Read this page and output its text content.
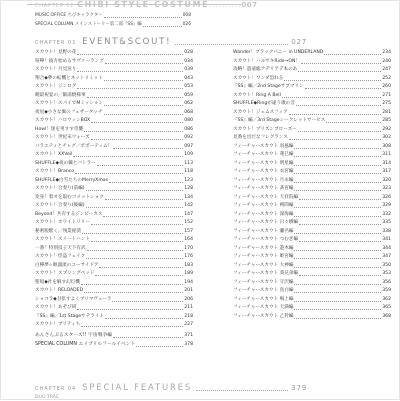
CHAPTER.02 CHIBI STYLE COSTUME..........007
MUSIC OFFICE ちびキャラクター	008
SPECIAL COLUMN メインストーリー第二部『SS』編	026
CHAPTER.03 EVENT&SCOUT!	027
スカウト！見野の花	028
喧嘩！彼方始めるサヴァーラング	034
スカウト！月見送り	039
翔合◆夢の転機とネットリミット	043
スカウト！ジンログ	053
競最祝宴の／飯湯焼様事	059
スカウト！スパイでMミッション	062
夜星◆小さな翼のフェザータッチ	068
スカウト！ハロウィンBOX	080
Howl！迷を男すす奇襲	086
スカウト！世紀末ウォーズ	092
バラエティとチャグ／ポポーティム！	097
スカウト！XXVeil	109
SHUFFLE◆夜の棘とバトラー	113
スカウト！Branco	118
SHUFFLE◆白雪たちのMerryXmas	123
スカウト！合奏り(前編)	128
変身！着オを取むコメットショク	134
スカウト！合奏り(後編)	142
Beyond！共有するジンピーカス	147
スカウト！ホワイトリリー	152
秘密脱駅く／残業経済	157
スカウト！スイートハント	164
一番！特別技子天下有武	170
スカウト！怪盗フェイク	176
白樺夢☆眠器流のユーサイドア	183
スカウト！スプリングベッド	189
聖船◆社を解す幻灯機	194
スカウト！RELOADED	201
ショコラ◆甘拡すよくブリマヴェーラ	206
スカウト！あぞび研	211
『SS』編／1st Stageサテライト	218
スカウト！ブリティち	227
Wander！ブラックパニー in UNDERLAND	234
スカウト！ハルサキRide→ON！	240
攻略！遊遠総アデリアデ本のあ	247
スカウト！ワンダ恐れる	252
『SS』編／2nd Stageサブマリン	260
スカウト！Ring A Bell	271
SHUFFLE◆Ringが違う歌の音	275
スカウト！ジェムスフィア	281
『SS』編／3rd Stageシークレットサービス	285
スカウト！プリズンブローズー	292
見番を出だなフレグランス	302
フィーチャースカウト 羽風編	308
フィーチャースカウト 蓮巳編	311
フィーチャースカウト 明星編	314
フィーチャースカウト 衣宮編	317
フィーチャースカウト 月永編	320
フィーチャースカウト 斎宮編	323
フィーチャースカウト 天祥院編	326
フィーチャースカウト 朔間編	329
フィーチャースカウト 深海編	332
フィーチャースカウト 日々樹編	335
フィーチャースカウト 瀬名編	338
フィーチャースカウト つむぎ編	341
フィーチャースカウト 遊木編	344
フィーチャースカウト 姫宮編	347
フィーチャースカウト 大神編	350
フィーチャースカウト 葵兄弟編	353
フィーチャースカウト 守沢編	356
フィーチャースカウト 真白編	359
フィーチャースカウト 鳴上編	362
フィーチャースカウト 天満編	365
フィーチャースカウト 乙狩編	368
あんさんぶるスターズ!! 宇宙戦争編	371
SPECIAL COLUMN エイプリルフールイベント	378
CHAPTER.04 SPECIAL FEATURES	379
DUO TRAC
